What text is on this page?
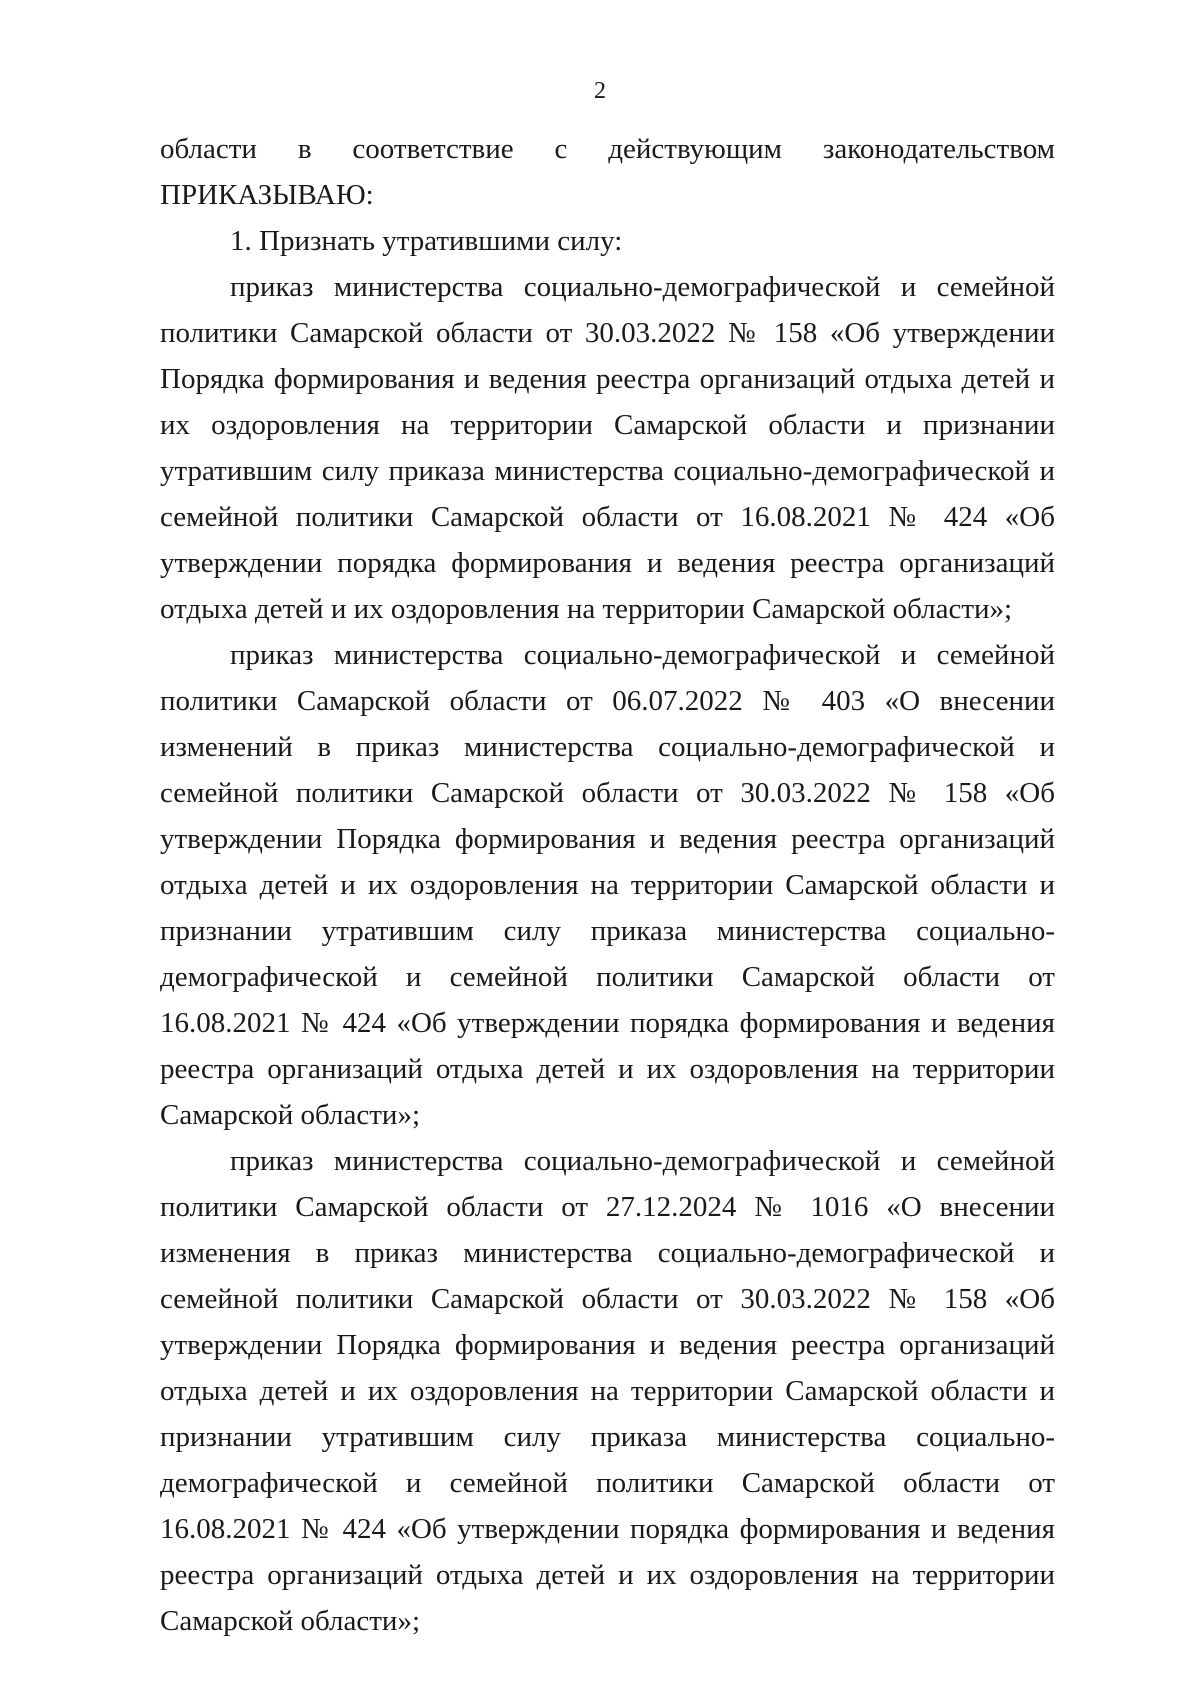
2

области в соответствие с действующим законодательством ПРИКАЗЫВАЮ:

1. Признать утратившими силу:

приказ министерства социально-демографической и семейной политики Самарской области от 30.03.2022 № 158 «Об утверждении Порядка формирования и ведения реестра организаций отдыха детей и их оздоровления на территории Самарской области и признании утратившим силу приказа министерства социально-демографической и семейной политики Самарской области от 16.08.2021 № 424 «Об утверждении порядка формирования и ведения реестра организаций отдыха детей и их оздоровления на территории Самарской области»;

приказ министерства социально-демографической и семейной политики Самарской области от 06.07.2022 № 403 «О внесении изменений в приказ министерства социально-демографической и семейной политики Самарской области от 30.03.2022 № 158 «Об утверждении Порядка формирования и ведения реестра организаций отдыха детей и их оздоровления на территории Самарской области и признании утратившим силу приказа министерства социально-демографической и семейной политики Самарской области от 16.08.2021 № 424 «Об утверждении порядка формирования и ведения реестра организаций отдыха детей и их оздоровления на территории Самарской области»;

приказ министерства социально-демографической и семейной политики Самарской области от 27.12.2024 № 1016 «О внесении изменения в приказ министерства социально-демографической и семейной политики Самарской области от 30.03.2022 № 158 «Об утверждении Порядка формирования и ведения реестра организаций отдыха детей и их оздоровления на территории Самарской области и признании утратившим силу приказа министерства социально-демографической и семейной политики Самарской области от 16.08.2021 № 424 «Об утверждении порядка формирования и ведения реестра организаций отдыха детей и их оздоровления на территории Самарской области»;
